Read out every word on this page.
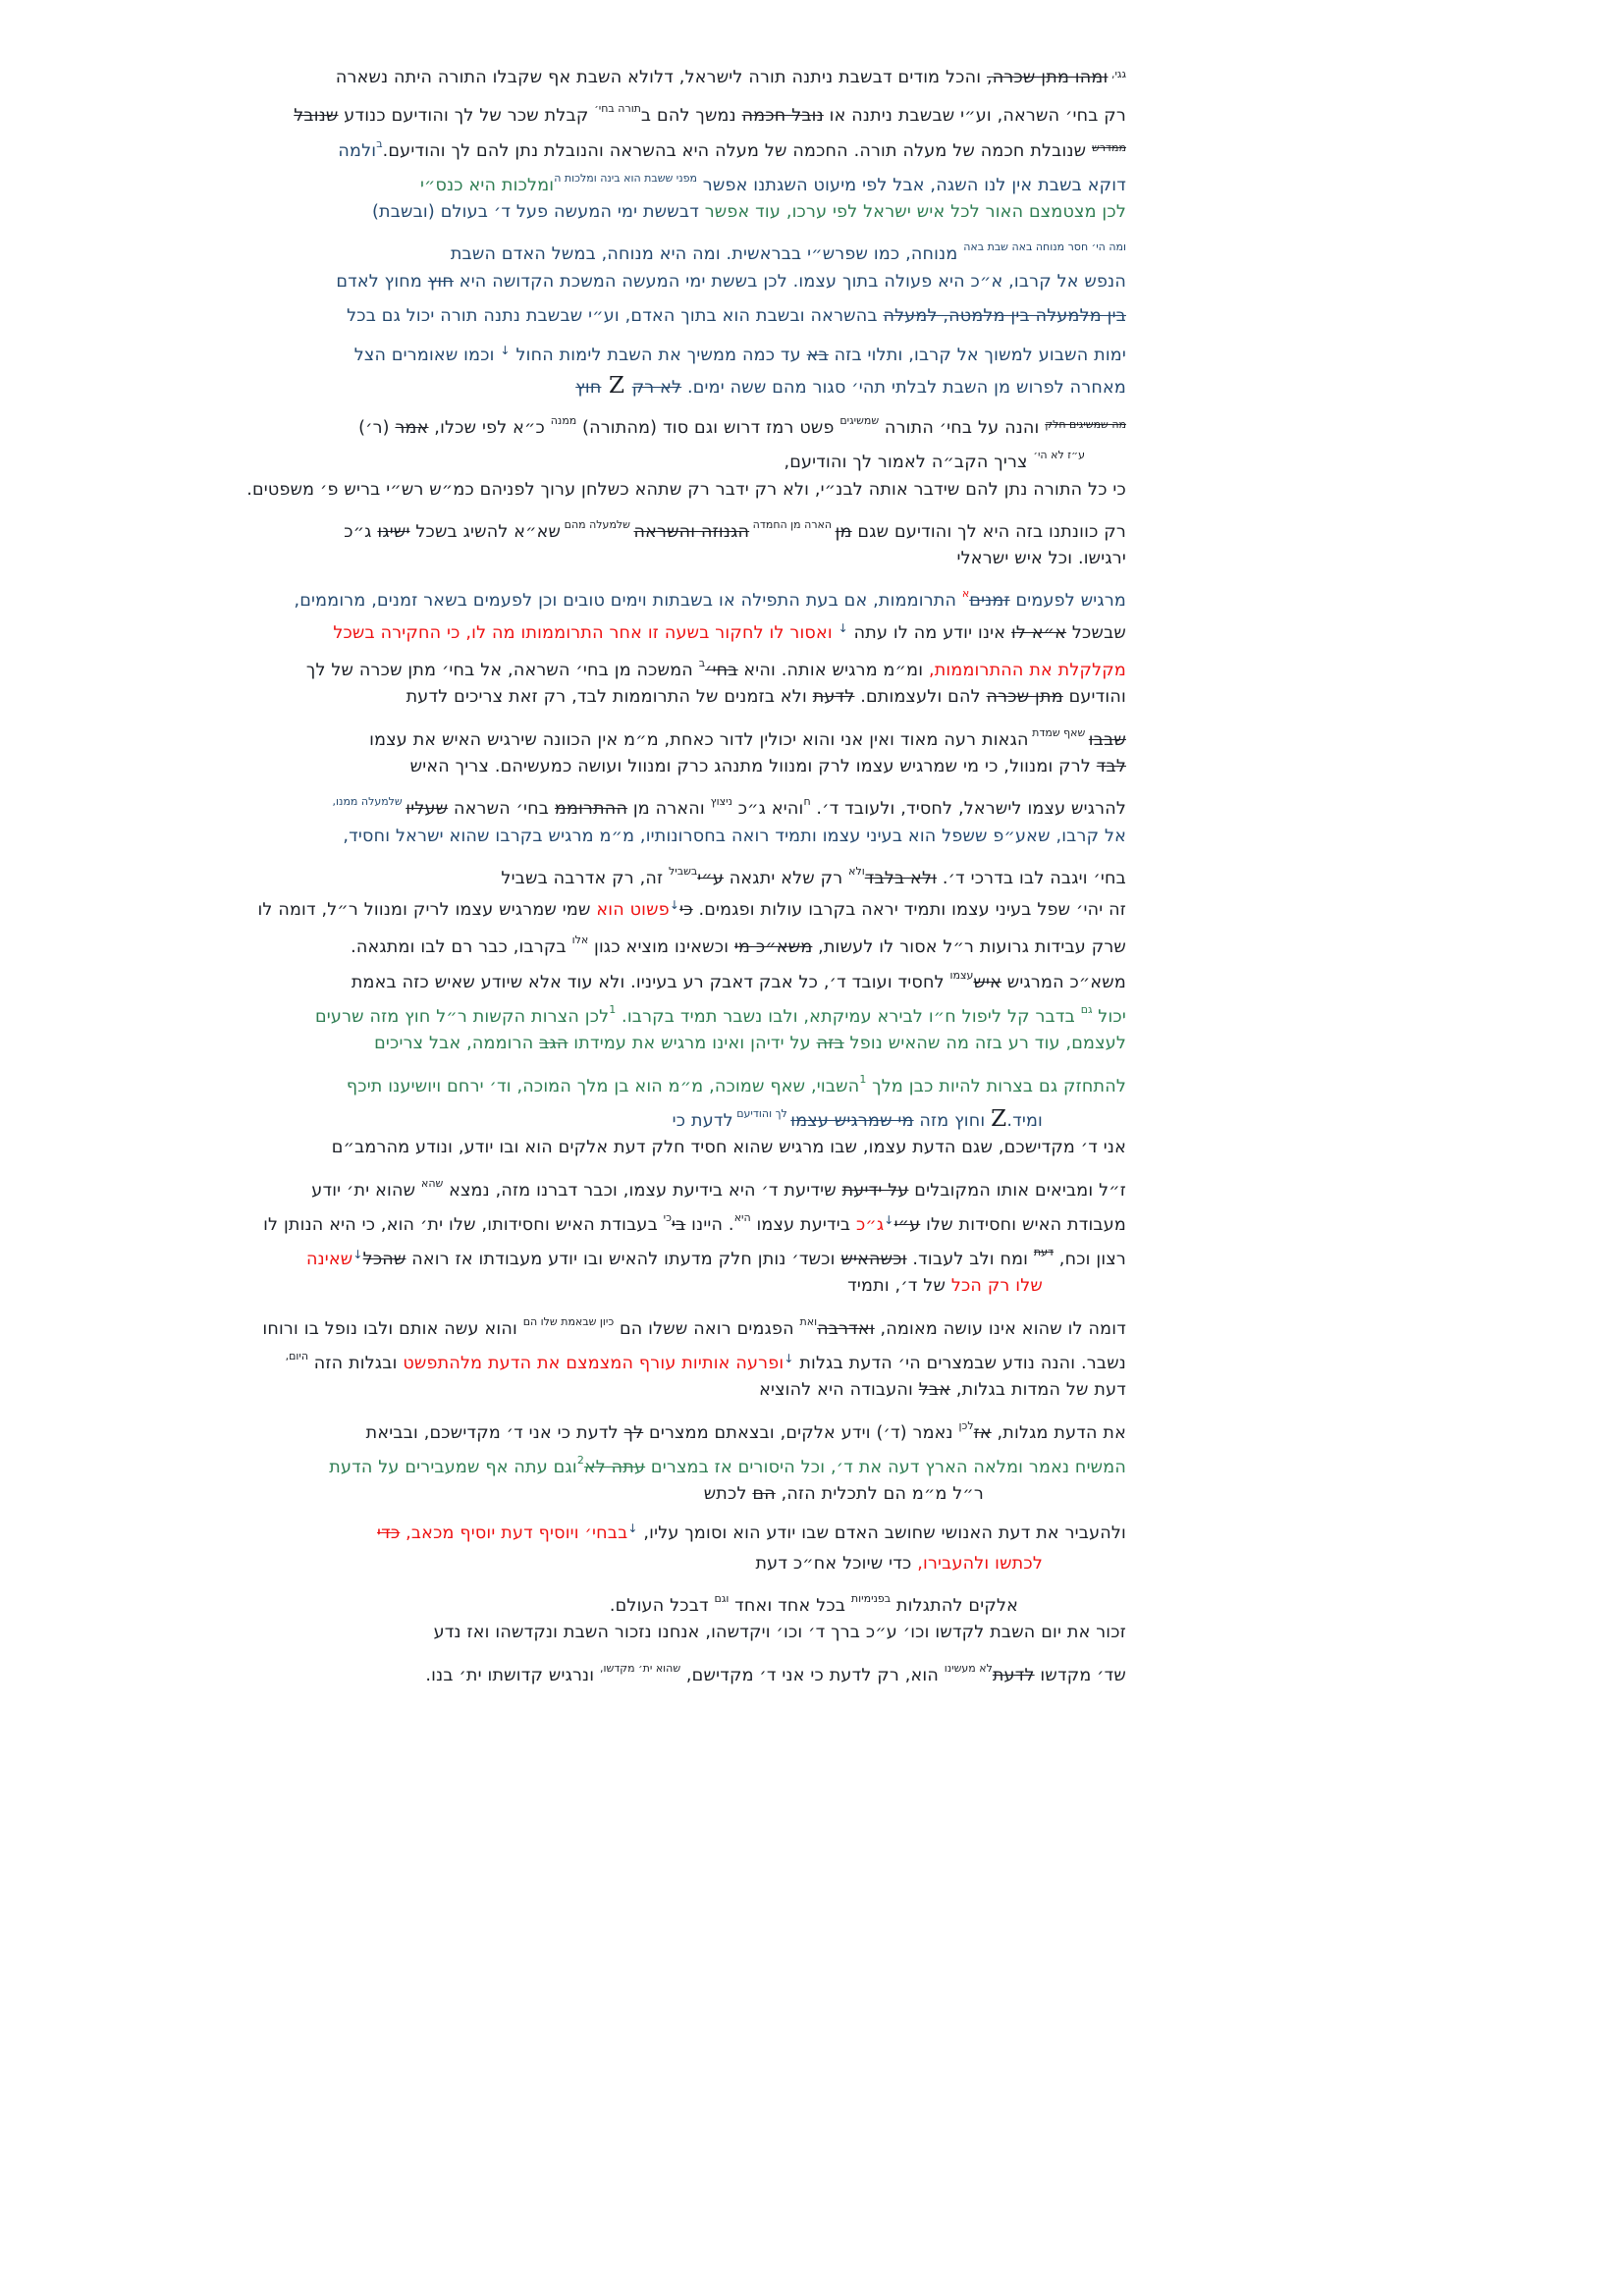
$^{גגי,}$ ומהו מתן שכרה, והכל מודים דבשבת ניתנה תורה לישראל, דלולא השבת אף שקבלו התורה היתה נשארה
רק בחי׳ השראה, וע״י שבשבת ניתנה או נובל חכמה נמשך להם ב$^{תורה בחי׳}$ קבלת שכר של לך והודיעם כנודע שנובל
$^{ממדרש}$ שנובלת חכמה של מעלה תורה. החכמה של מעלה היא בהשראה והנובלת נתן להם לך והודיעם.$^ב$ולמה
דוקא בשבת אין לנו השגה, אבל לפי מיעוט השגתנו אפשר $^{מפני ששבת הוא בינה ומלכות}$ $^ה$ומלכות היא כנס״י
לכן מצטמצם האור לכל איש ישראל לפי ערכו, עוד אפשר דבששת ימי המעשה פעל ד׳ בעולם (ובשבת)
$^{ומה הי׳ חסר מנוחה באה שבת באה}$ מנוחה, כמו שפרש״י בבראשית. ומה היא מנוחה, במשל האדם השבת
הנפש אל קרבו, א״כ היא פעולה בתוך עצמו. לכן בששת ימי המעשה המשכת הקדושה היא חוץ מחוץ לאדם
בין מלמעלה בין מלמטה, למעלה בהשראה ובשבת הוא בתוך האדם, וע״י שבשבת נתנה תורה יכול גם בכל
ימות השבוע למשוך אל קרבו, ותלוי בזה בא עד כמה ממשיך את השבת לימות החול ↓ וכמו שאומרים הצל
מאחרה לפרוש מן השבת לבלתי תהי׳ סגור מהם ששה ימים. לא רק Z חוץ
$^{מה שמשיגים חלק}$ והנה על בחי׳ התורה $^{שמשיגים}$ פשט רמז דרוש וגם סוד (מהתורה) $^{ממנה}$ כ״א לפי שכלו, אמר (ר׳)
$^{ע״ז לא הי׳}$ צריך הקב״ה לאמור לך והודיעם,
כי כל התורה נתן להם שידבר אותה לבנ״י, ולא רק ידבר רק שתהא כשלחן ערוך לפניהם כמ״ש רש״י בריש פ׳ משפטים.
רק כוונתנו בזה היא לך והודיעם שגם מן $^{הארה מן החמדה}$ הגנוזה והשראה $^{שלמעלה מהם}$ שא״א להשיג בשכל ישיגו ג״כ
ירגישו. וכל איש ישראלי
מרגיש לפעמים זמנים$^א$ התרוממות, אם בעת התפילה או בשבתות וימים טובים וכן לפעמים בשאר זמנים, מרוממים,
שבשכל א״א לו אינו יודע מה לו עתה ↓ ואסור לו לחקור בשעה זו אחר התרוממותו מה לו, כי החקירה בשכל
מקלקלת את ההתרוממות, ומ״מ מרגיש אותה. והיא בחי׳$^ב$ המשכה מן בחי׳ השראה, אל בחי׳ מתן שכרה של לך
והודיעם מתן שכרה להם ולעצמותם. לדעת ולא בזמנים של התרוממות לבד, רק זאת צריכים לדעת
שבבו $^{שאף שמדת}$ הגאות רעה מאוד ואין אני והוא יכולין לדור כאחת, מ״מ אין הכוונה שירגיש האיש את עצמו
לבד לרק ומנוול, כי מי שמרגיש עצמו לרק ומנוול מתנהג כרק ומנוול ועושה כמעשיהם. צריך האיש
להרגיש עצמו לישראל, לחסיד, ולעובד ד׳. $^ח$והיא ג״כ $^{ניצוץ}$ והארה מן ההתרוממ בחי׳ השראה שעליו $^{שלמעלה ממנו,}$
אל קרבו, שאע״פ ששפל הוא בעיני עצמו ותמיד רואה בחסרונותיו, מ״מ מרגיש בקרבו שהוא ישראל וחסיד,
בחי׳ ויגבה לבו בדרכי ד׳. ולא בלבד$^{ולא}$ רק שלא יתגאה ע״י$^{בשביל}$ זה, רק אדרבה בשביל
זה יהי׳ שפל בעיני עצמו ותמיד יראה בקרבו עולות ופגמים. כי↓פשוט הוא שמי שמרגיש עצמו לריק ומנוול ר״ל, דומה לו
שרק עבידות גרועות ר״ל אסור לו לעשות, משא״כ מי וכשאינו מוציא כגון $^{אלו}$ בקרבו, כבר רם לבו ומתגאה.
משא״כ המרגיש איש$^{עצמו}$ לחסיד ועובד ד׳, כל אבק דאבק רע בעיניו. ולא עוד אלא שיודע שאיש כזה באמת
יכול $^{גם}$ בדבר קל ליפול ח״ו לבירא עמיקתא, ולבו נשבר תמיד בקרבו. $^1$לכן הצרות הקשות ר״ל חוץ מזה שרעים
לעצמם, עוד רע בזה מה שהאיש נופל בזה על ידיהן ואינו מרגיש את עמידתו הגב הרוממה, אבל צריכים
להתחזק גם בצרות להיות כבן מלך $^1$השבוי, שאף שמוכה, מ״מ הוא בן מלך המוכה, וד׳ ירחם ויושיענו תיכף
ומיד.Z וחוץ מזה מי שמרגיש עצמו $^{לך והודיעם}$ לדעת כי
אני ד׳ מקדישכם, שגם הדעת עצמו, שבו מרגיש שהוא חסיד חלק דעת אלקים הוא ובו יודע, ונודע מהרמב״ם
ז״ל ומביאים אותו המקובלים על ידיעת שידיעת ד׳ היא בידיעת עצמו, וכבר דברנו מזה, נמצא $^{שהא}$ שהוא ית׳ יודע
מעבודת האיש וחסידות שלו ע״י↓ג״כ בידיעת עצמו $^{היא}$. היינו בי$^{כי}$ בעבודת האיש וחסידותו, שלו ית׳ הוא, כי היא הנותן לו
רצון וכח, $^{דעת}$ ומח ולב לעבוד. וכשהאיש וכשד׳ נותן חלק מדעתו להאיש ובו יודע מעבודתו אז רואה שהכל↓שאינה
שלו רק הכל של ד׳, ותמיד
דומה לו שהוא אינו עושה מאומה, ואדרבה$^{ואת}$ הפגמים רואה ששלו הם $^{כיון שבאמת שלו הם}$ והוא עשה אותם ולבו נופל בו ורוחו
נשבר. והנה נודע שבמצרים הי׳ הדעת בגלות ↓ופרעה אותיות עורף המצמצם את הדעת מלהתפשט ובגלות הזה $^{היום,}$
דעת של המדות בגלות, אבל והעבודה היא להוציא
את הדעת מגלות, אז$^{לכן}$ נאמר (ד׳) וידע אלקים, ובצאתם ממצרים לך לדעת כי אני ד׳ מקדישכם, ובביאת
המשיח נאמר ומלאה הארץ דעה את ד׳, וכל היסורים אז במצרים עתה לא$^2$וגם עתה אף שמעבירים על הדעת
ר״ל מ״מ הם לתכלית הזה, הם לכתש
ולהעביר את דעת האנושי שחושב האדם שבו יודע הוא וסומך עליו, ↓בבחי׳ ויוסיף דעת יוסיף מכאב, כדי
לכתשו ולהעבירו, כדי שיוכל אח״כ דעת
אלקים להתגלות $^{בפנימיות}$ בכל אחד ואחד $^{וגם}$ דבכל העולם.
זכור את יום השבת לקדשו וכו׳ ע״כ ברך ד׳ וכו׳ ויקדשהו, אנחנו נזכור השבת ונקדשהו ואז נדע
שד׳ מקדשו לדעת$^{לא מעשינו}$ הוא, רק לדעת כי אני ד׳ מקדישם, $^{שהוא ית׳ מקדשו,}$ ונרגיש קדושתו ית׳ בנו.
